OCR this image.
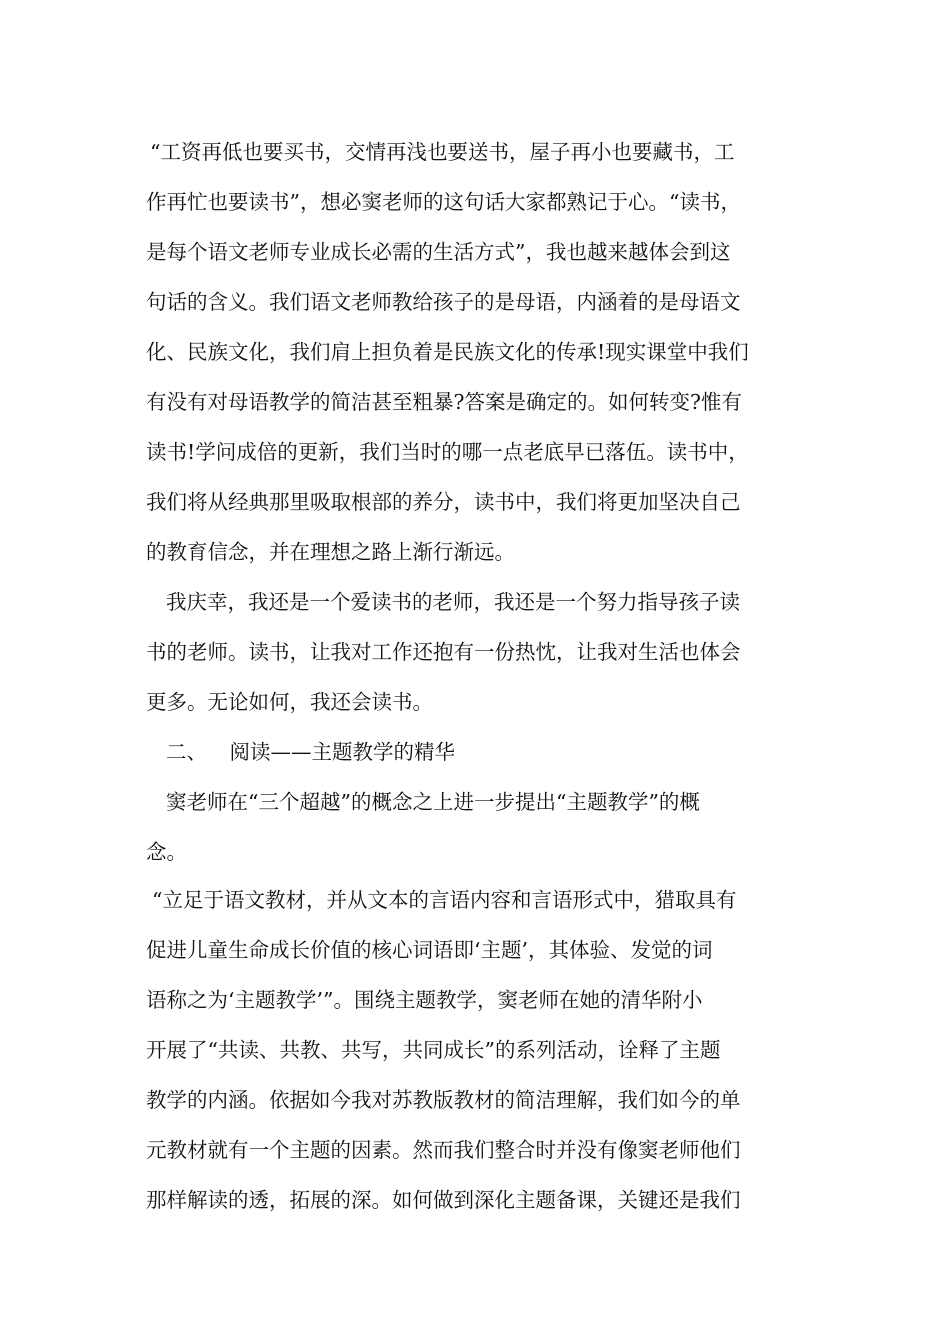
“工资再低也要买书，交情再浅也要送书，屋子再小也要藏书，工
作再忙也要读书”，想必窦老师的这句话大家都熟记于心。“读书，
是每个语文老师专业成长必需的生活方式”，我也越来越体会到这
句话的含义。我们语文老师教给孩子的是母语，内涵着的是母语文
化、民族文化，我们肩上担负着是民族文化的传承!现实课堂中我们
有没有对母语教学的简洁甚至粗暴?答案是确定的。如何转变?惟有
读书!学问成倍的更新，我们当时的哪一点老底早已落伍。读书中，
我们将从经典那里吸取根部的养分，读书中，我们将更加坚决自己
的教育信念，并在理想之路上渐行渐远。
我庆幸，我还是一个爱读书的老师，我还是一个努力指导孩子读
书的老师。读书，让我对工作还抱有一份热忱，让我对生活也体会
更多。无论如何，我还会读书。
二、 阅读——主题教学的精华
窦老师在“三个超越”的概念之上进一步提出“主题教学”的概
念。
“立足于语文教材，并从文本的言语内容和言语形式中，猎取具有
促进儿童生命成长价值的核心词语即‘主题’，其体验、发觉的词
语称之为‘主题教学’”。围绕主题教学，窦老师在她的清华附小
开展了“共读、共教、共写，共同成长”的系列活动，诠释了主题
教学的内涵。依据如今我对苏教版教材的简洁理解，我们如今的单
元教材就有一个主题的因素。然而我们整合时并没有像窦老师他们
那样解读的透，拓展的深。如何做到深化主题备课，关键还是我们
